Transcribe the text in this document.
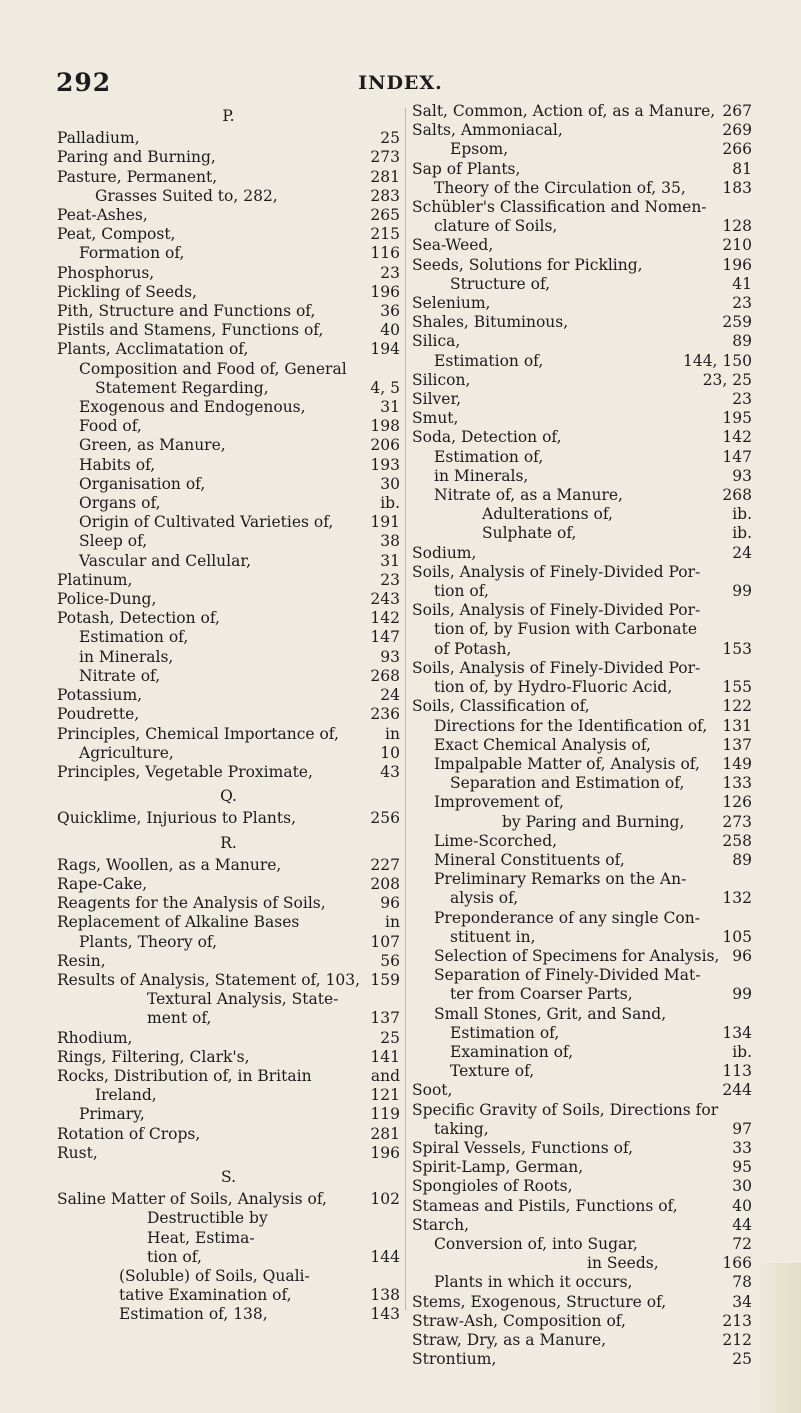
292	INDEX.
P.
Palladium,	25
Paring and Burning,	273
Pasture, Permanent,	281
Grasses Suited to, 282,	283
Peat-Ashes,	265
Peat, Compost,	215
Formation of,	116
Phosphorus,	23
Pickling of Seeds,	196
Pith, Structure and Functions of,	36
Pistils and Stamens, Functions of,	40
Plants, Acclimatation of,	194
Composition and Food of, General
Statement Regarding,	4, 5
Exogenous and Endogenous,	31
Food of,	198
Green, as Manure,	206
Habits of,	193
Organisation of,	30
Organs of,	ib.
Origin of Cultivated Varieties of,	191
Sleep of,	38
Vascular and Cellular,	31
Platinum,	23
Police-Dung,	243
Potash, Detection of,	142
Estimation of,	147
in Minerals,	93
Nitrate of,	268
Potassium,	24
Poudrette,	236
Principles, Chemical Importance of,	in
Agriculture,	10
Principles, Vegetable Proximate,	43
Q.
Quicklime, Injurious to Plants,	256
R.
Rags, Woollen, as a Manure,	227
Rape-Cake,	208
Reagents for the Analysis of Soils,	96
Replacement of Alkaline Bases	in
Plants, Theory of,	107
Resin,	56
Results of Analysis, Statement of, 103, 159
Textural Analysis, State-
ment of,	137
Rhodium,	25
Rings, Filtering, Clark's,	141
Rocks, Distribution of, in Britain	and
Ireland,	121
Primary,	119
Rotation of Crops,	281
Rust,	196
S.
Saline Matter of Soils, Analysis of,	102
Destructible by
Heat, Estima-
tion of,	144
(Soluble) of Soils, Quali-
tative Examination of,	138
Estimation of, 138,	143
Salt, Common, Action of, as a Manure, 267
Salts, Ammoniacal,	269
Epsom,	266
Sap of Plants,	81
Theory of the Circulation of, 35,	183
Schübler's Classification and Nomen-
clature of Soils,	128
Sea-Weed,	210
Seeds, Solutions for Pickling,	196
Structure of,	41
Selenium,	23
Shales, Bituminous,	259
Silica,	89
Estimation of,	144, 150
Silicon,	23, 25
Silver,	23
Smut,	195
Soda, Detection of,	142
Estimation of,	147
in Minerals,	93
Nitrate of, as a Manure,	268
Adulterations of,	ib.
Sulphate of,	ib.
Sodium,	24
Soils, Analysis of Finely-Divided Por-
tion of,	99
Soils, Analysis of Finely-Divided Por-
tion of, by Fusion with Carbonate
of Potash,	153
Soils, Analysis of Finely-Divided Por-
tion of, by Hydro-Fluoric Acid,	155
Soils, Classification of,	122
Directions for the Identification of, 131
Exact Chemical Analysis of,	137
Impalpable Matter of, Analysis of,	149
Separation and Estimation of,	133
Improvement of,	126
by Paring and Burning,	273
Lime-Scorched,	258
Mineral Constituents of,	89
Preliminary Remarks on the An-
alysis of,	132
Preponderance of any single Con-
stituent in,	105
Selection of Specimens for Analysis, 96
Separation of Finely-Divided Mat-
ter from Coarser Parts,	99
Small Stones, Grit, and Sand,
Estimation of,	134
Examination of,	ib.
Texture of,	113
Soot,	244
Specific Gravity of Soils, Directions for
taking,	97
Spiral Vessels, Functions of,	33
Spirit-Lamp, German,	95
Spongioles of Roots,	30
Stameas and Pistils, Functions of,	40
Starch,	44
Conversion of, into Sugar,	72
in Seeds,	166
Plants in which it occurs,	78
Stems, Exogenous, Structure of,	34
Straw-Ash, Composition of,	213
Straw, Dry, as a Manure,	212
Strontium,	25
